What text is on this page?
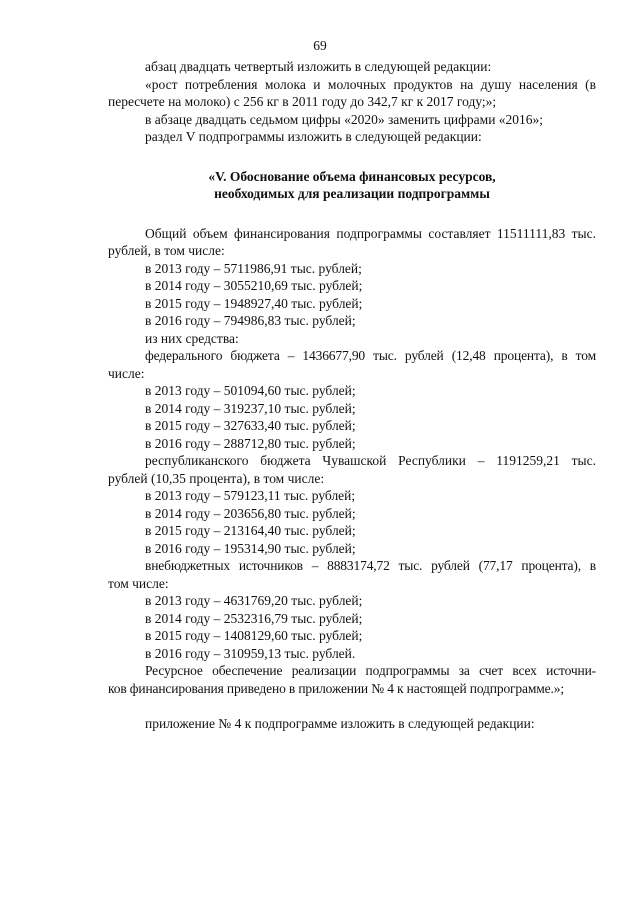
69
абзац двадцать четвертый изложить в следующей редакции:
«рост потребления молока и молочных продуктов на душу населения (в
пересчете на молоко) с 256 кг в 2011 году до 342,7 кг к 2017 году;»;
в абзаце двадцать седьмом цифры «2020» заменить цифрами «2016»;
раздел V подпрограммы изложить в следующей редакции:
«V. Обоснование объема финансовых ресурсов,
необходимых для реализации подпрограммы
Общий объем финансирования подпрограммы составляет 11511111,83 тыс.
рублей, в том числе:
в 2013 году – 5711986,91 тыс. рублей;
в 2014 году – 3055210,69 тыс. рублей;
в 2015 году – 1948927,40 тыс. рублей;
в 2016 году – 794986,83 тыс. рублей;
из них средства:
федерального бюджета – 1436677,90 тыс. рублей (12,48 процента), в том
числе:
в 2013 году – 501094,60 тыс. рублей;
в 2014 году – 319237,10 тыс. рублей;
в 2015 году – 327633,40 тыс. рублей;
в 2016 году – 288712,80 тыс. рублей;
республиканского бюджета Чувашской Республики – 1191259,21 тыс.
рублей (10,35 процента), в том числе:
в 2013 году – 579123,11 тыс. рублей;
в 2014 году – 203656,80 тыс. рублей;
в 2015 году – 213164,40 тыс. рублей;
в 2016 году – 195314,90 тыс. рублей;
внебюджетных источников – 8883174,72 тыс. рублей (77,17 процента), в
том числе:
в 2013 году – 4631769,20 тыс. рублей;
в 2014 году – 2532316,79 тыс. рублей;
в 2015 году – 1408129,60 тыс. рублей;
в 2016 году – 310959,13 тыс. рублей.
Ресурсное обеспечение реализации подпрограммы за счет всех источни-
ков финансирования приведено в приложении № 4 к настоящей подпрограмме.»;
приложение № 4 к подпрограмме изложить в следующей редакции:
